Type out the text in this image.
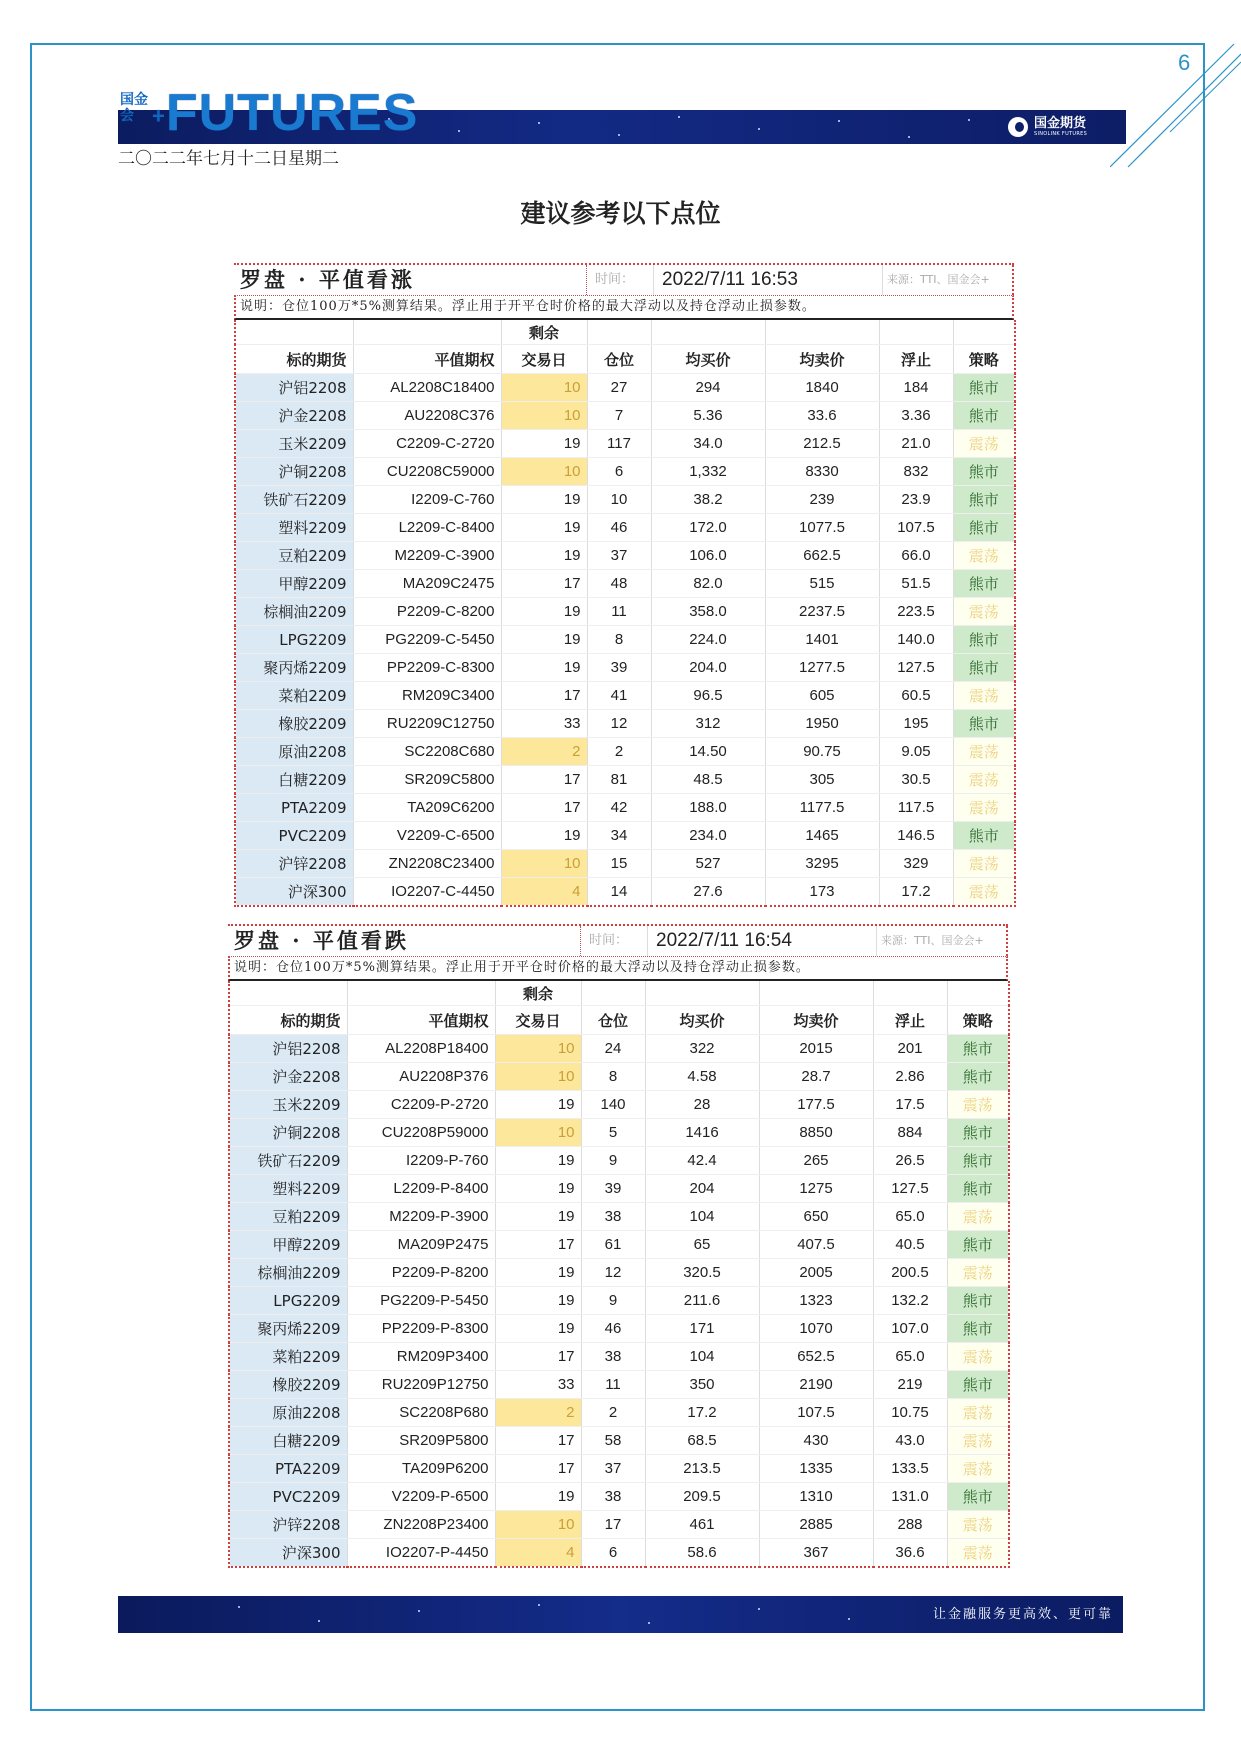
6
国金会 +FUTURES	国金期货
SINOLINK FUTURES
二〇二二年七月十二日星期二
建议参考以下点位
罗盘 · 平值看涨	时间：	2022/7/11 16:53	来源：TTI、国金会+
说明：仓位100万*5%测算结果。浮止用于开平仓时价格的最大浮动以及持仓浮动止损参数。
		剩余					
标的期货	平值期权	交易日	仓位	均买价	均卖价	浮止	策略
沪铝2208	AL2208C18400	10	27	294	1840	184	熊市
沪金2208	AU2208C376	10	7	5.36	33.6	3.36	熊市
玉米2209	C2209-C-2720	19	117	34.0	212.5	21.0	震荡
沪铜2208	CU2208C59000	10	6	1,332	8330	832	熊市
铁矿石2209	I2209-C-760	19	10	38.2	239	23.9	熊市
塑料2209	L2209-C-8400	19	46	172.0	1077.5	107.5	熊市
豆粕2209	M2209-C-3900	19	37	106.0	662.5	66.0	震荡
甲醇2209	MA209C2475	17	48	82.0	515	51.5	熊市
棕榈油2209	P2209-C-8200	19	11	358.0	2237.5	223.5	震荡
LPG2209	PG2209-C-5450	19	8	224.0	1401	140.0	熊市
聚丙烯2209	PP2209-C-8300	19	39	204.0	1277.5	127.5	熊市
菜粕2209	RM209C3400	17	41	96.5	605	60.5	震荡
橡胶2209	RU2209C12750	33	12	312	1950	195	熊市
原油2208	SC2208C680	2	2	14.50	90.75	9.05	震荡
白糖2209	SR209C5800	17	81	48.5	305	30.5	震荡
PTA2209	TA209C6200	17	42	188.0	1177.5	117.5	震荡
PVC2209	V2209-C-6500	19	34	234.0	1465	146.5	熊市
沪锌2208	ZN2208C23400	10	15	527	3295	329	震荡
沪深300	IO2207-C-4450	4	14	27.6	173	17.2	震荡
罗盘 · 平值看跌	时间：	2022/7/11 16:54	来源：TTI、国金会+
说明：仓位100万*5%测算结果。浮止用于开平仓时价格的最大浮动以及持仓浮动止损参数。
		剩余					
标的期货	平值期权	交易日	仓位	均买价	均卖价	浮止	策略
沪铝2208	AL2208P18400	10	24	322	2015	201	熊市
沪金2208	AU2208P376	10	8	4.58	28.7	2.86	熊市
玉米2209	C2209-P-2720	19	140	28	177.5	17.5	震荡
沪铜2208	CU2208P59000	10	5	1416	8850	884	熊市
铁矿石2209	I2209-P-760	19	9	42.4	265	26.5	熊市
塑料2209	L2209-P-8400	19	39	204	1275	127.5	熊市
豆粕2209	M2209-P-3900	19	38	104	650	65.0	震荡
甲醇2209	MA209P2475	17	61	65	407.5	40.5	熊市
棕榈油2209	P2209-P-8200	19	12	320.5	2005	200.5	震荡
LPG2209	PG2209-P-5450	19	9	211.6	1323	132.2	熊市
聚丙烯2209	PP2209-P-8300	19	46	171	1070	107.0	熊市
菜粕2209	RM209P3400	17	38	104	652.5	65.0	震荡
橡胶2209	RU2209P12750	33	11	350	2190	219	熊市
原油2208	SC2208P680	2	2	17.2	107.5	10.75	震荡
白糖2209	SR209P5800	17	58	68.5	430	43.0	震荡
PTA2209	TA209P6200	17	37	213.5	1335	133.5	震荡
PVC2209	V2209-P-6500	19	38	209.5	1310	131.0	熊市
沪锌2208	ZN2208P23400	10	17	461	2885	288	震荡
沪深300	IO2207-P-4450	4	6	58.6	367	36.6	震荡
让金融服务更高效、更可靠
